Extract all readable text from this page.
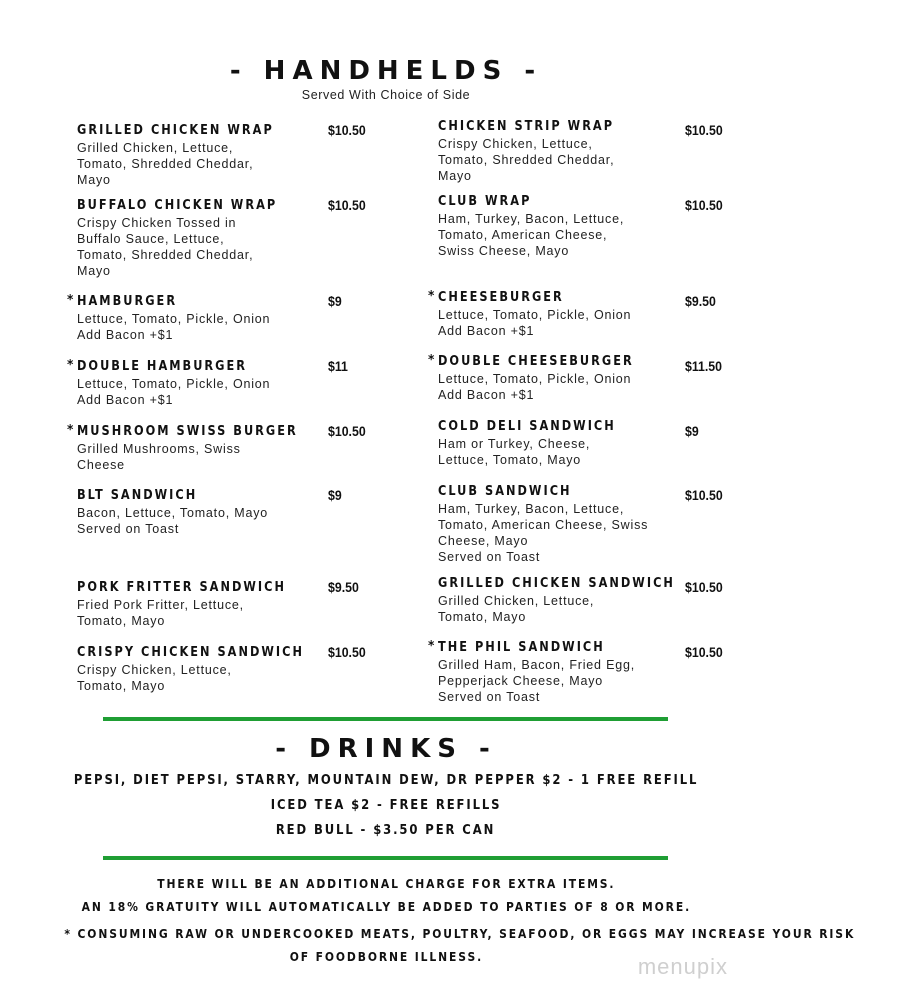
- HANDHELDS -
Served With Choice of Side
GRILLED CHICKEN WRAP
Grilled Chicken, Lettuce,
Tomato, Shredded Cheddar,
Mayo
$10.50
BUFFALO CHICKEN WRAP
Crispy Chicken Tossed in
Buffalo Sauce, Lettuce,
Tomato, Shredded Cheddar,
Mayo
$10.50
* HAMBURGER
Lettuce, Tomato, Pickle, Onion
Add Bacon +$1
$9
* DOUBLE HAMBURGER
Lettuce, Tomato, Pickle, Onion
Add Bacon +$1
$11
* MUSHROOM SWISS BURGER
Grilled Mushrooms, Swiss
Cheese
$10.50
BLT SANDWICH
Bacon, Lettuce, Tomato, Mayo
Served on Toast
$9
PORK FRITTER SANDWICH
Fried Pork Fritter, Lettuce,
Tomato, Mayo
$9.50
CRISPY CHICKEN SANDWICH
Crispy Chicken, Lettuce,
Tomato, Mayo
$10.50
CHICKEN STRIP WRAP
Crispy Chicken, Lettuce,
Tomato, Shredded Cheddar,
Mayo
$10.50
CLUB WRAP
Ham, Turkey, Bacon, Lettuce,
Tomato, American Cheese,
Swiss Cheese, Mayo
$10.50
* CHEESEBURGER
Lettuce, Tomato, Pickle, Onion
Add Bacon +$1
$9.50
* DOUBLE CHEESEBURGER
Lettuce, Tomato, Pickle, Onion
Add Bacon +$1
$11.50
COLD DELI SANDWICH
Ham or Turkey, Cheese,
Lettuce, Tomato, Mayo
$9
CLUB SANDWICH
Ham, Turkey, Bacon, Lettuce,
Tomato, American Cheese, Swiss
Cheese, Mayo
Served on Toast
$10.50
GRILLED CHICKEN SANDWICH
Grilled Chicken, Lettuce,
Tomato, Mayo
$10.50
* THE PHIL SANDWICH
Grilled Ham, Bacon, Fried Egg,
Pepperjack Cheese, Mayo
Served on Toast
$10.50
- DRINKS -
PEPSI, DIET PEPSI, STARRY, MOUNTAIN DEW, DR PEPPER $2 - 1 FREE REFILL
ICED TEA $2 - FREE REFILLS
RED BULL - $3.50 PER CAN
THERE WILL BE AN ADDITIONAL CHARGE FOR EXTRA ITEMS.
AN 18% GRATUITY WILL AUTOMATICALLY BE ADDED TO PARTIES OF 8 OR MORE.
* CONSUMING RAW OR UNDERCOOKED MEATS, POULTRY, SEAFOOD, OR EGGS MAY INCREASE YOUR RISK
OF FOODBORNE ILLNESS.	menupix
